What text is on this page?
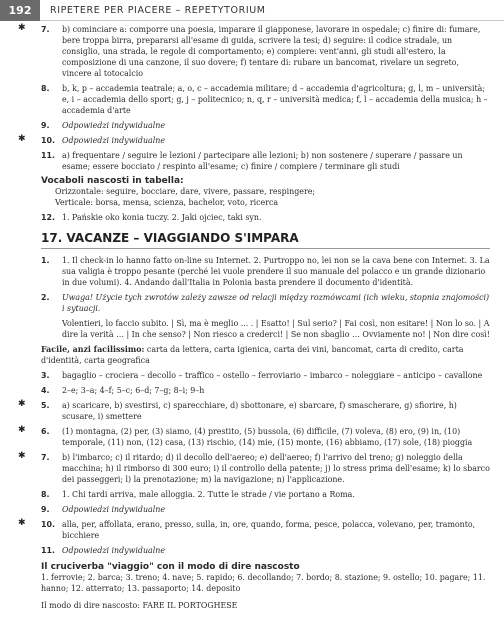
192	RIPETERE PER PIACERE – REPETYTORIUM
✱ 7. b) cominciare a: comporre una poesia, imparare il giapponese, lavorare in ospedale; c) finire di: fumare, bere troppa birra, prepararsi all'esame di guida, scrivere la tesi; d) seguire: il codice stradale, un consiglio, una strada, le regole di comportamento; e) compiere: vent'anni, gli studi all'estero, la composizione di una canzone, il suo dovere; f) tentare di: rubare un bancomat, rivelare un segreto, vincere al totocalcio
8. b, k, p – accademia teatrale; a, o, c – accademia militare; d – accademia d'agricoltura; g, l, m – università; e, i – accademia dello sport; g, j – politecnico; n, q, r – università medica; f, l – accademia della musica; h – accademia d'arte
9. Odpowiedzi indywidualne
✱ 10. Odpowiedzi indywidualne
11. a) frequentare / seguire le lezioni / partecipare alle lezioni; b) non sostenere / superare / passare un esame; essere bocciato / respinto all'esame; c) finire / compiere / terminare gli studi
Vocaboli nascosti in tabella:
Orizzontale: seguire, bocciare, dare, vivere, passare, respingere;
Verticale: borsa, mensa, scienza, bachelor, voto, ricerca
12. 1. Pańskie oko konia tuczy. 2. Jaki ojciec, taki syn.
17. VACANZE – VIAGGIANDO S'IMPARA
1. 1. Il check-in lo hanno fatto on-line su Internet. 2. Purtroppo no, lei non se la cava bene con Internet. 3. La sua valigia è troppo pesante (perché lei vuole prendere il suo manuale del polacco e un grande dizionario in due volumi). 4. Andando dall'Italia in Polonia basta prendere il documento d'identità.
2. Uwaga! Użycie tych zwrotów zależy zawsze od relacji między rozmówcami (ich wieku, stopnia znajomości) i sytuacji.
Volentieri, lo faccio subito. | Sì, ma è meglio ... . | Esatto! | Sul serio? | Fai così, non esitare! | Non lo so. | A dire la verità … | In che senso? | Non riesco a crederci! | Se non sbaglio … Ovviamente no! | Non dire così!
Facile, anzi facilissimo: carta da lettera, carta igienica, carta dei vini, bancomat, carta di credito, carta d'identità, carta geografica
3. bagaglio – crociera – decollo – traffico – ostello – ferroviario – imbarco – noleggiare – anticipo – cavallone
4. 2–e; 3–a; 4–f; 5–c; 6–d; 7–g; 8–i; 9–h
✱ 5. a) scaricare, b) svestirsi, c) sparecchiare, d) sbottonare, e) sbarcare, f) smascherare, g) sfiorire, h) scusare, i) smettere
✱ 6. (1) montagna, (2) per, (3) siamo, (4) prestito, (5) bussola, (6) difficile, (7) voleva, (8) ero, (9) in, (10) temporale, (11) non, (12) casa, (13) rischio, (14) mie, (15) monte, (16) abbiamo, (17) sole, (18) pioggia
✱ 7. b) l'imbarco; c) il ritardo; d) il decollo dell'aereo; e) dell'aereo; f) l'arrivo del treno; g) noleggio della macchina; h) il rimborso di 300 euro; i) il controllo della patente; j) lo stress prima dell'esame; k) lo sbarco dei passeggeri; l) la prenotazione; m) la navigazione; n) l'applicazione.
8. 1. Chi tardi arriva, male alloggia. 2. Tutte le strade / vie portano a Roma.
9. Odpowiedzi indywidualne
✱ 10. alla, per, affollata, erano, presso, sulla, in, ore, quando, forma, pesce, polacca, volevano, per, tramonto, bicchiere
11. Odpowiedzi indywidualne
Il cruciverba "viaggio" con il modo di dire nascosto
1. ferrovie; 2. barca; 3. treno; 4. nave; 5. rapido; 6. decollando; 7. bordo; 8. stazione; 9. ostello; 10. pagare; 11. hanno; 12. atterrato; 13. passaporto; 14. deposito
Il modo di dire nascosto: FARE IL PORTOGHESE
